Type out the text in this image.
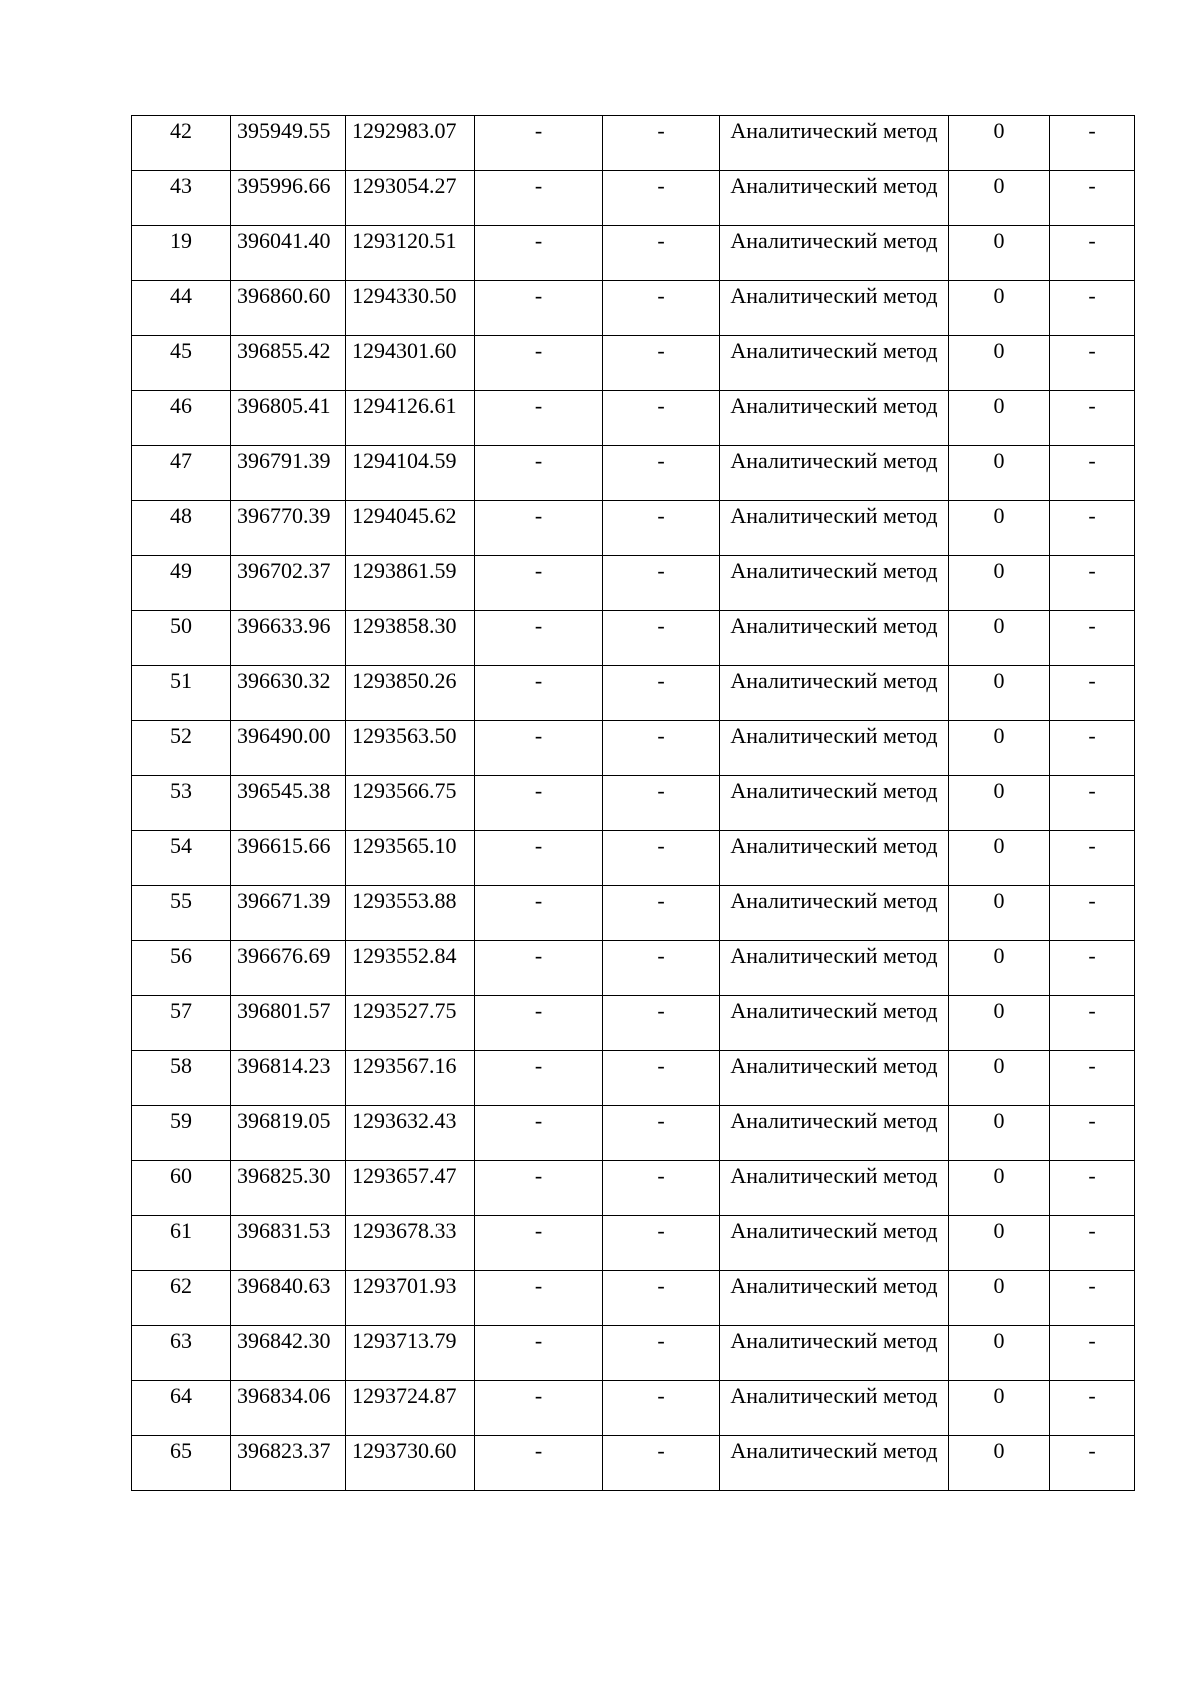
42	395949.55	1292983.07	-	-	Аналитический метод	0	-

43	395996.66	1293054.27	-	-	Аналитический метод	0	-

19	396041.40	1293120.51	-	-	Аналитический метод	0	-

44	396860.60	1294330.50	-	-	Аналитический метод	0	-

45	396855.42	1294301.60	-	-	Аналитический метод	0	-

46	396805.41	1294126.61	-	-	Аналитический метод	0	-

47	396791.39	1294104.59	-	-	Аналитический метод	0	-

48	396770.39	1294045.62	-	-	Аналитический метод	0	-

49	396702.37	1293861.59	-	-	Аналитический метод	0	-

50	396633.96	1293858.30	-	-	Аналитический метод	0	-

51	396630.32	1293850.26	-	-	Аналитический метод	0	-

52	396490.00	1293563.50	-	-	Аналитический метод	0	-

53	396545.38	1293566.75	-	-	Аналитический метод	0	-

54	396615.66	1293565.10	-	-	Аналитический метод	0	-

55	396671.39	1293553.88	-	-	Аналитический метод	0	-

56	396676.69	1293552.84	-	-	Аналитический метод	0	-

57	396801.57	1293527.75	-	-	Аналитический метод	0	-

58	396814.23	1293567.16	-	-	Аналитический метод	0	-

59	396819.05	1293632.43	-	-	Аналитический метод	0	-

60	396825.30	1293657.47	-	-	Аналитический метод	0	-

61	396831.53	1293678.33	-	-	Аналитический метод	0	-

62	396840.63	1293701.93	-	-	Аналитический метод	0	-

63	396842.30	1293713.79	-	-	Аналитический метод	0	-

64	396834.06	1293724.87	-	-	Аналитический метод	0	-

65	396823.37	1293730.60	-	-	Аналитический метод	0	-
